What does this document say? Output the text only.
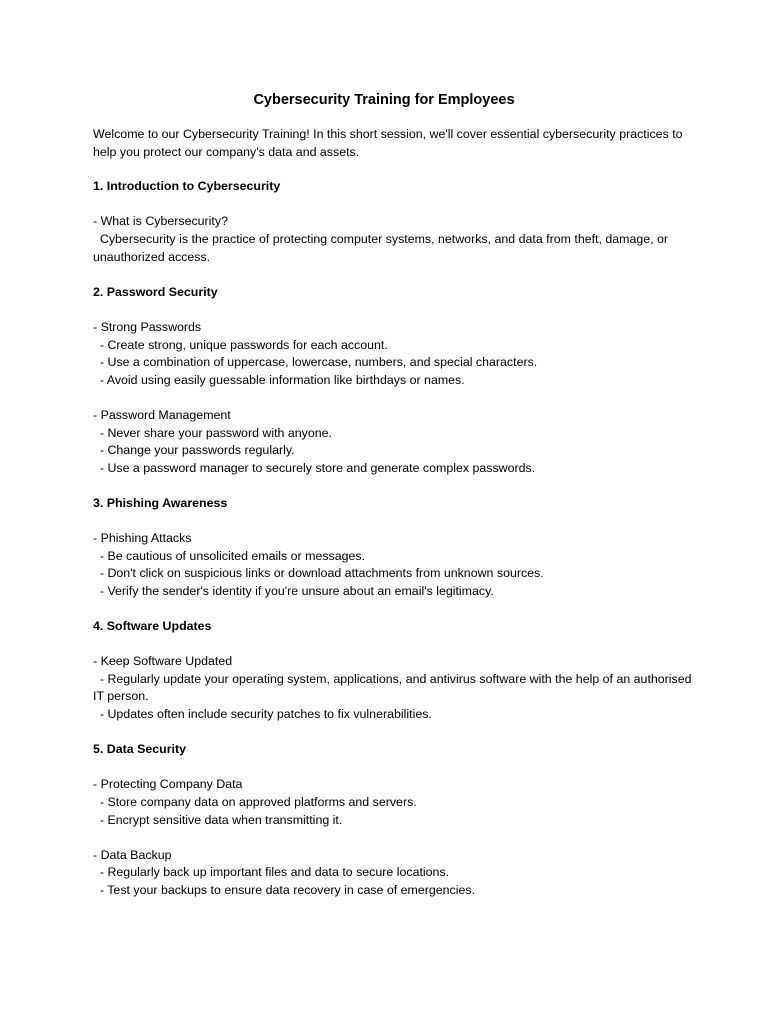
Cybersecurity Training for Employees
Welcome to our Cybersecurity Training! In this short session, we'll cover essential cybersecurity practices to help you protect our company's data and assets.
1. Introduction to Cybersecurity
- What is Cybersecurity?
Cybersecurity is the practice of protecting computer systems, networks, and data from theft, damage, or unauthorized access.
2. Password Security
- Strong Passwords
- Create strong, unique passwords for each account.
- Use a combination of uppercase, lowercase, numbers, and special characters.
- Avoid using easily guessable information like birthdays or names.
- Password Management
- Never share your password with anyone.
- Change your passwords regularly.
- Use a password manager to securely store and generate complex passwords.
3. Phishing Awareness
- Phishing Attacks
- Be cautious of unsolicited emails or messages.
- Don't click on suspicious links or download attachments from unknown sources.
- Verify the sender's identity if you're unsure about an email's legitimacy.
4. Software Updates
- Keep Software Updated
- Regularly update your operating system, applications, and antivirus software with the help of an authorised IT person.
- Updates often include security patches to fix vulnerabilities.
5. Data Security
- Protecting Company Data
- Store company data on approved platforms and servers.
- Encrypt sensitive data when transmitting it.
- Data Backup
- Regularly back up important files and data to secure locations.
- Test your backups to ensure data recovery in case of emergencies.
